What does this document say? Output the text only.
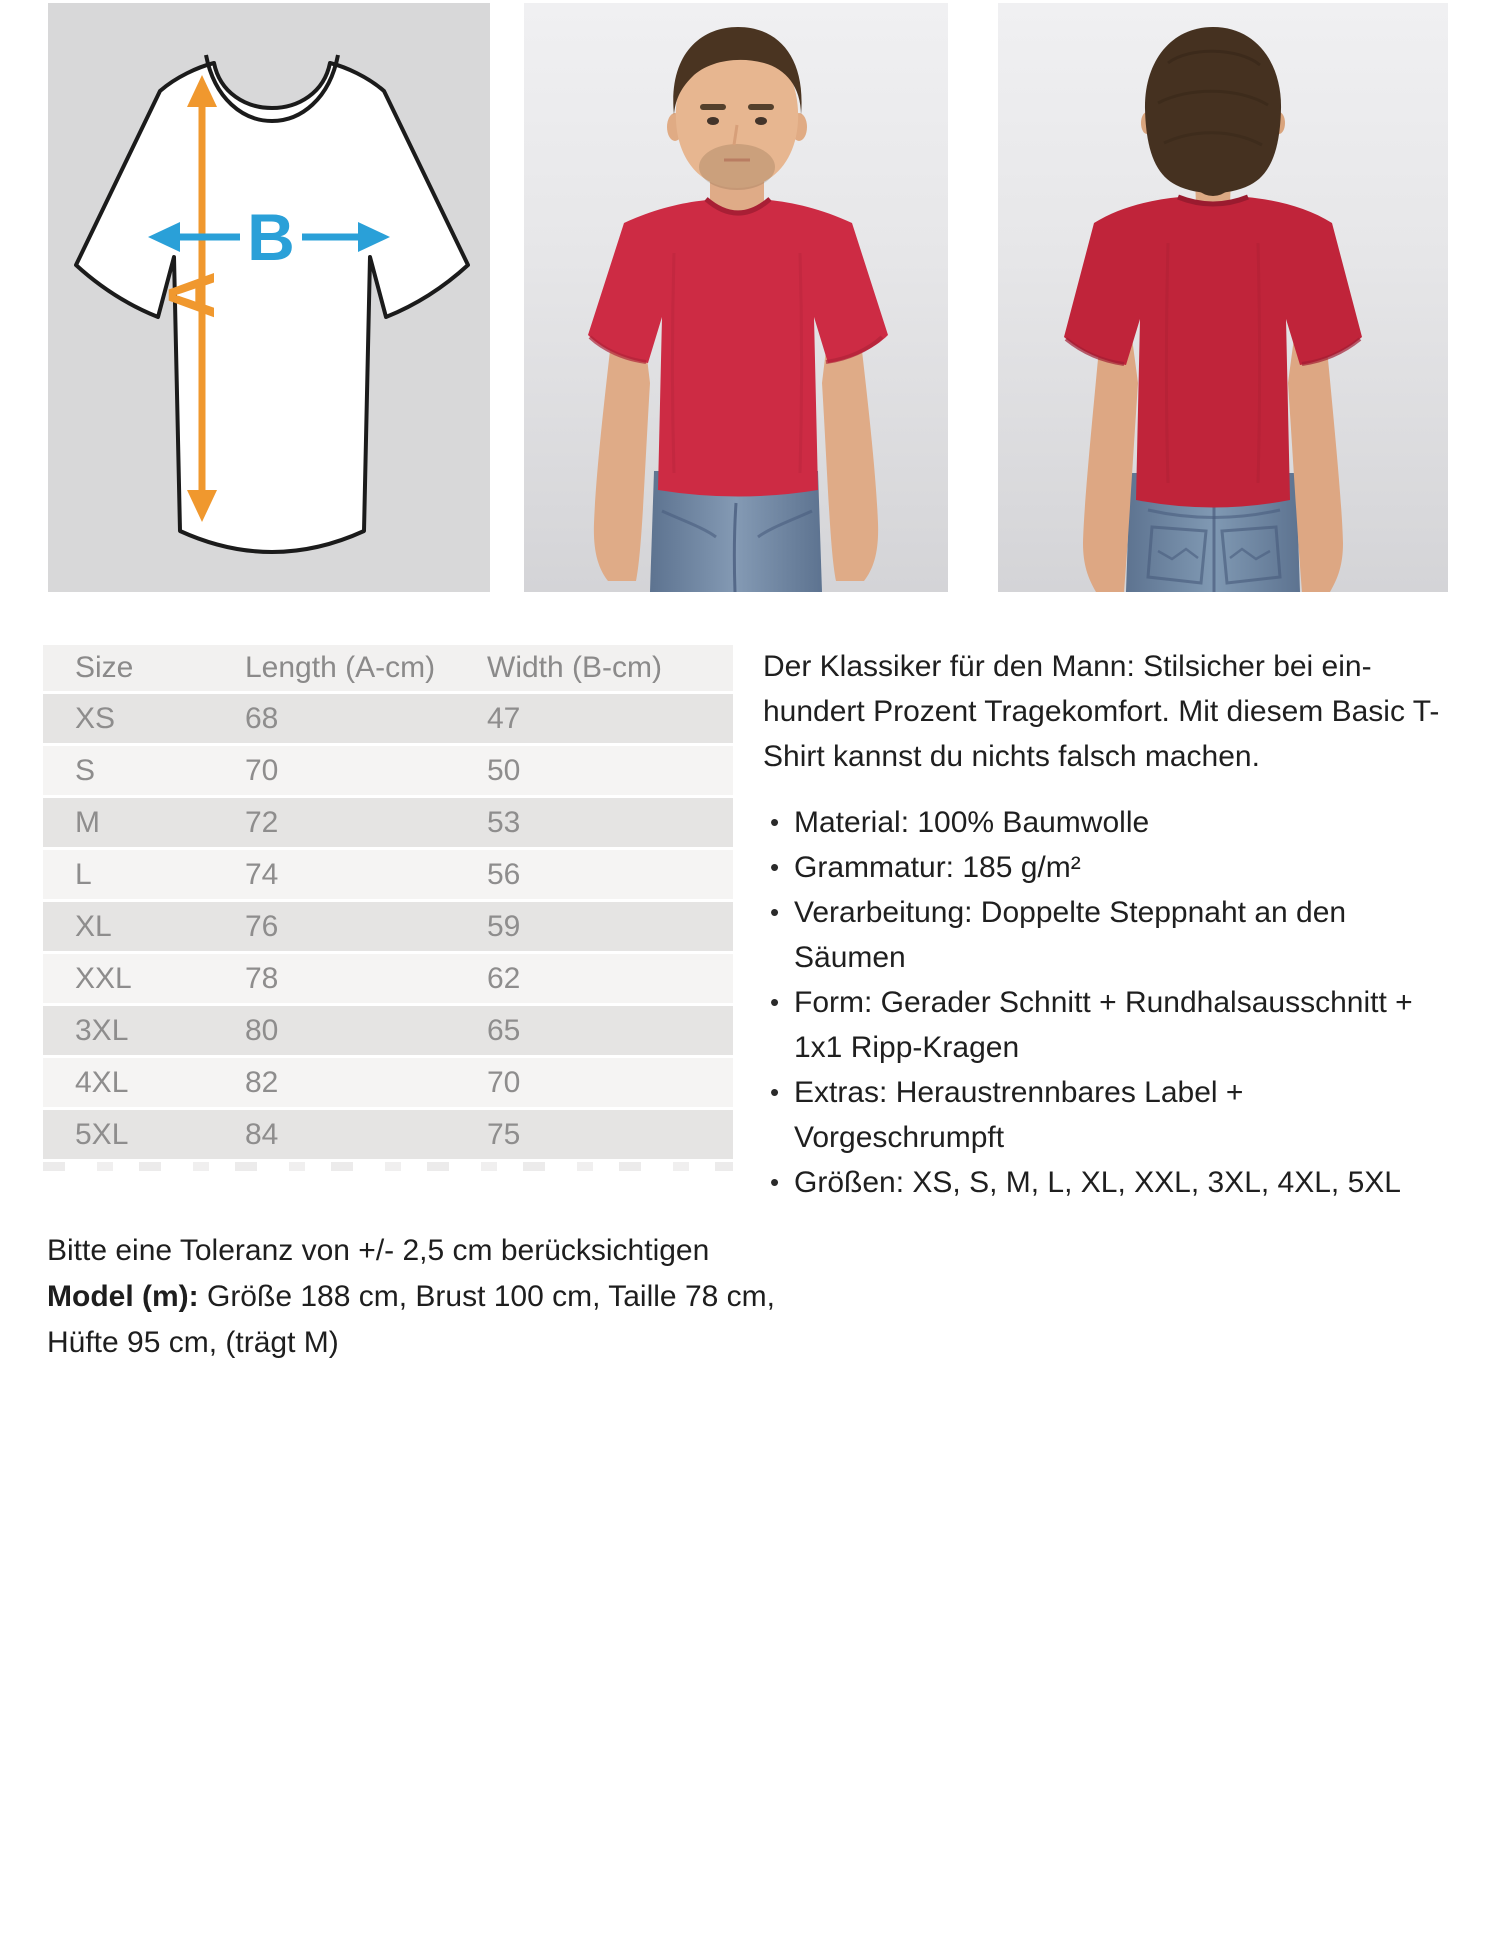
A
B
Size	Length (A-cm)	Width (B-cm)
XS	68	47
S	70	50
M	72	53
L	74	56
XL	76	59
XXL	78	62
3XL	80	65
4XL	82	70
5XL	84	75

Der Klassiker für den Mann: Stilsicher bei ein-hundert Prozent Tragekomfort. Mit diesem Basic T-Shirt kannst du nichts falsch machen.

• Material: 100% Baumwolle
• Grammatur: 185 g/m²
• Verarbeitung: Doppelte Steppnaht an den Säumen
• Form: Gerader Schnitt + Rundhalsausschnitt + 1x1 Ripp-Kragen
• Extras: Heraustrennbares Label + Vorgeschrumpft
• Größen: XS, S, M, L, XL, XXL, 3XL, 4XL, 5XL

Bitte eine Toleranz von +/- 2,5 cm berücksichtigen

Model (m): Größe 188 cm, Brust 100 cm, Taille 78 cm, Hüfte 95 cm, (trägt M)
